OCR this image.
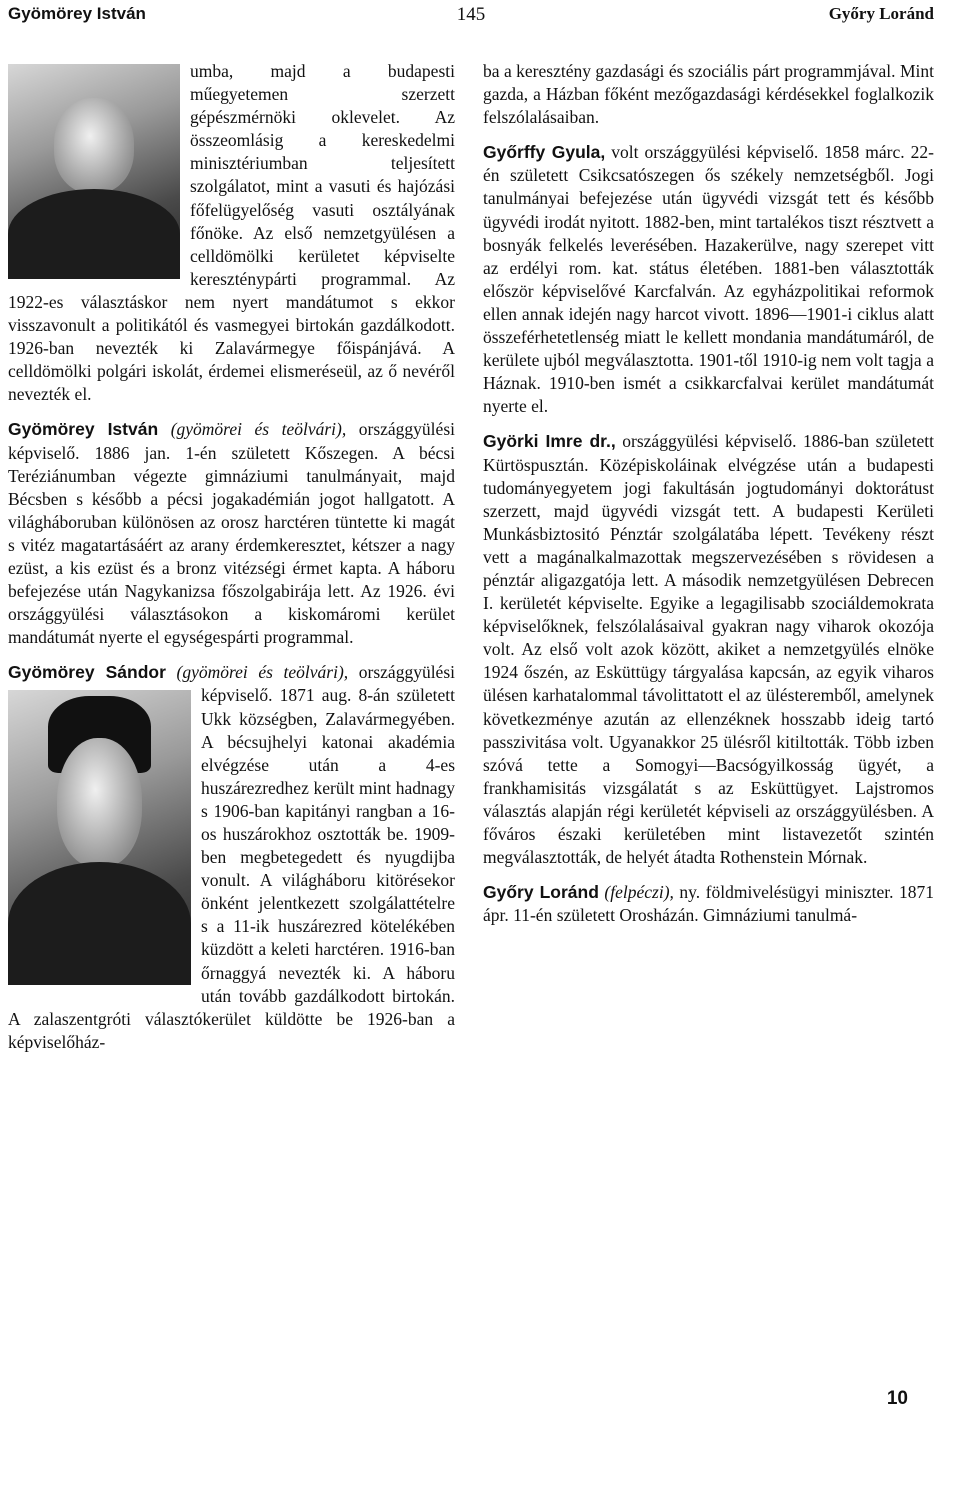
Gyömörey István	145	Győry Loránd

umba, majd a budapesti műegyetemen szerzett gépészmérnöki oklevelet. Az összeomlásig a kereskedelmi minisztériumban teljesített szolgálatot, mint a vasuti és hajózási főfelügyelőség vasuti osztályának főnöke. Az első nemzetgyülésen a celldömölki kerületet képviselte kereszténypárti programmal. Az 1922-es választáskor nem nyert mandátumot s ekkor visszavonult a politikától és vasmegyei birtokán gazdálkodott. 1926-ban nevezték ki Zalavármegye főispánjává. A celldömölki polgári iskolát, érdemei elismeréseül, az ő nevéről nevezték el.

Gyömörey István (gyömörei és teölvári), országgyülési képviselő. 1886 jan. 1-én született Kőszegen. A bécsi Teréziánumban végezte gimnáziumi tanulmányait, majd Bécsben s később a pécsi jogakadémián jogot hallgatott. A világháboruban különösen az orosz harctéren tüntette ki magát s vitéz magatartásáért az arany érdemkeresztet, kétszer a nagy ezüst, a kis ezüst és a bronz vitézségi érmet kapta. A háboru befejezése után Nagykanizsa főszolgabirája lett. Az 1926. évi országgyülési választásokon a kiskomáromi kerület mandátumát nyerte el egységespárti programmal.

Gyömörey Sándor (gyömörei és teölvári),
országgyülési képviselő. 1871 aug. 8-án született Ukk községben, Zalavármegyében. A bécsujhelyi katonai akadémia elvégzése után a 4-es huszárezredhez került mint hadnagy s 1906-ban kapitányi rangban a 16-os huszárokhoz osztották be. 1909-ben megbetegedett és nyugdijba vonult. A világháboru kitörésekor önként jelentkezett szolgálattételre s a 11-ik huszárezred kötelékében küzdött a keleti harctéren. 1916-ban őrnaggyá nevezték ki. A háboru után tovább gazdálkodott birtokán. A zalaszentgróti választókerület küldötte be 1926-ban a képviselőház-

ba a keresztény gazdasági és szociális párt programmjával. Mint gazda, a Házban főként mezőgazdasági kérdésekkel foglalkozik felszólalásaiban.

Győrffy Gyula, volt országgyülési képviselő. 1858 márc. 22-én született Csikcsatószegen ős székely nemzetségből. Jogi tanulmányai befejezése után ügyvédi vizsgát tett és később ügyvédi irodát nyitott. 1882-ben, mint tartalékos tiszt résztvett a bosnyák felkelés leverésében. Hazakerülve, nagy szerepet vitt az erdélyi rom. kat. státus életében. 1881-ben választották először képviselővé Karcfalván. Az egyházpolitikai reformok ellen annak idején nagy harcot vivott. 1896—1901-i ciklus alatt összeférhetetlenség miatt le kellett mondania mandátumáról, de kerülete ujból megválasztotta. 1901-től 1910-ig nem volt tagja a Háznak. 1910-ben ismét a csikkarcfalvai kerület mandátumát nyerte el.

Györki Imre dr., országgyülési képviselő. 1886-ban született Kürtöspusztán. Középiskoláinak elvégzése után a budapesti tudományegyetem jogi fakultásán jogtudományi doktorátust szerzett, majd ügyvédi vizsgát tett. A budapesti Kerületi Munkásbiztositó Pénztár szolgálatába lépett. Tevékeny részt vett a magánalkalmazottak megszervezésében s rövidesen a pénztár aligazgatója lett. A második nemzetgyülésen Debrecen I. kerületét képviselte. Egyike a legagilisabb szociáldemokrata képviselőknek, felszólalásaival gyakran nagy viharok okozója volt. Az első volt azok között, akiket a nemzetgyülés elnöke 1924 őszén, az Esküttügy tárgyalása kapcsán, az egyik viharos ülésen karhatalommal távolittatott el az ülésteremből, amelynek következménye azután az ellenzéknek hosszabb ideig tartó passzivitása volt. Ugyanakkor 25 ülésről kitiltották. Több izben szóvá tette a Somogyi—Bacsógyilkosság ügyét, a frankhamisitás vizsgálatát s az Esküttügyet. Lajstromos választás alapján régi kerületét képviseli az országgyülésben. A főváros északi kerületében mint listavezetőt szintén megválasztották, de helyét átadta Rothenstein Mórnak.

Győry Loránd (felpéczi), ny. földmivelésügyi miniszter. 1871 ápr. 11-én született Orosházán. Gimnáziumi tanulmá-

10
